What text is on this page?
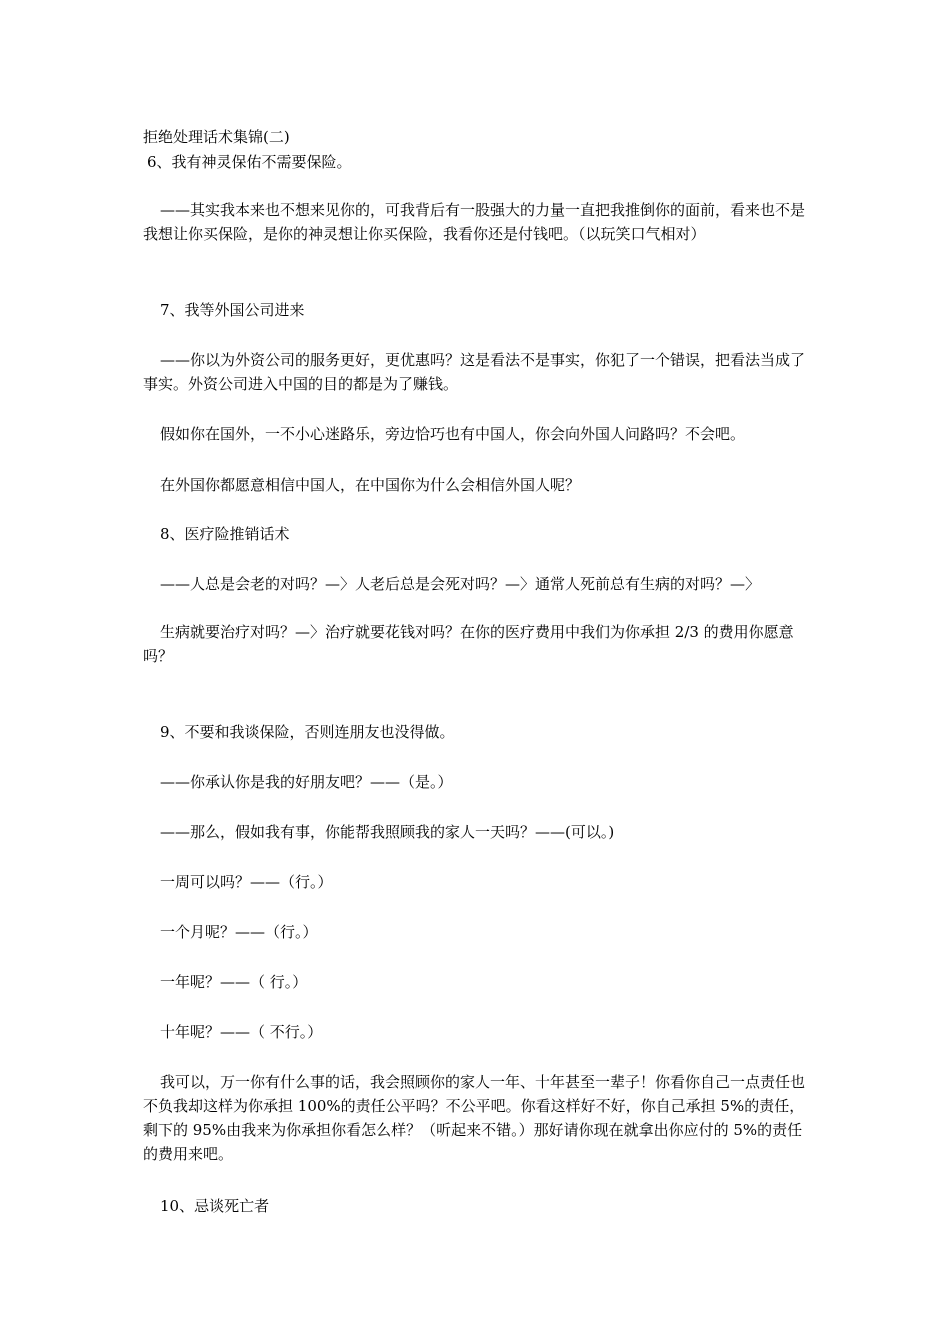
拒绝处理话术集锦(二)

6、我有神灵保佑不需要保险。

——其实我本来也不想来见你的，可我背后有一股强大的力量一直把我推倒你的面前，看来也不是我想让你买保险，是你的神灵想让你买保险，我看你还是付钱吧。（以玩笑口气相对）

7、我等外国公司进来

——你以为外资公司的服务更好，更优惠吗？这是看法不是事实，你犯了一个错误，把看法当成了事实。外资公司进入中国的目的都是为了赚钱。

假如你在国外，一不小心迷路乐，旁边恰巧也有中国人，你会向外国人问路吗？不会吧。

在外国你都愿意相信中国人，在中国你为什么会相信外国人呢？

8、医疗险推销话术

——人总是会老的对吗？—〉人老后总是会死对吗？—〉通常人死前总有生病的对吗？—〉

生病就要治疗对吗？—〉治疗就要花钱对吗？在你的医疗费用中我们为你承担 2/3 的费用你愿意吗？

9、不要和我谈保险，否则连朋友也没得做。

——你承认你是我的好朋友吧？——（是。）

——那么，假如我有事，你能帮我照顾我的家人一天吗？——(可以。)

一周可以吗？——（行。）

一个月呢？——（行。）

一年呢？——（ 行。）

十年呢？——（ 不行。）

我可以，万一你有什么事的话，我会照顾你的家人一年、十年甚至一辈子！你看你自己一点责任也不负我却这样为你承担 100%的责任公平吗？不公平吧。你看这样好不好，你自己承担 5%的责任，剩下的 95%由我来为你承担你看怎么样？（听起来不错。）那好请你现在就拿出你应付的 5%的责任的费用来吧。

10、忌谈死亡者
